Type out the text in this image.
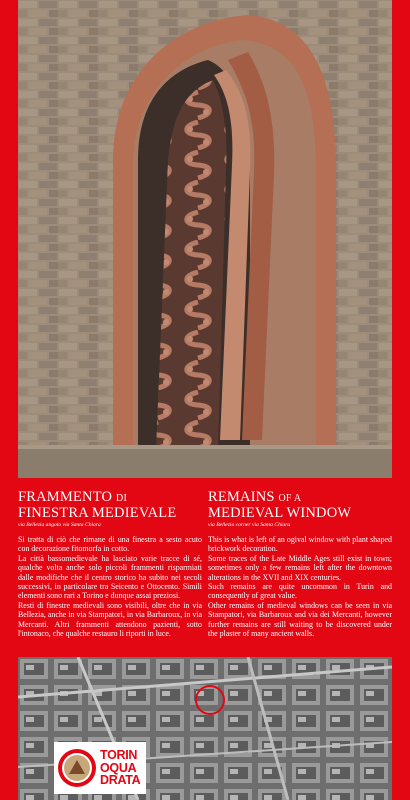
FRAMMENTO DI
FINESTRA MEDIEVALE
via Bellezia angolo via Santa Chiara

Si tratta di ciò che rimane di una finestra a sesto acuto con decorazione fitomorfa in cotto.

La città bassomedievale ha lasciato varie tracce di sé, qualche volta anche solo piccoli frammenti risparmiati dalle modifiche che il centro storico ha subito nei secoli successivi, in particolare tra Seicento e Ottocento. Simili elementi sono rari a Torino e dunque assai preziosi.

Resti di finestre medievali sono visibili, oltre che in via Bellezia, anche in via Stampatori, in via Barbaroux, in via Mercanti. Altri frammenti attendono pazienti, sotto l'intonaco, che qualche restauro li riporti in luce.

REMAINS OF A
MEDIEVAL WINDOW
via Bellezia corner via Santa Chiara

This is what is left of an ogival window with plant shaped brickwork decoration.

Some traces of the Late Middle Ages still exist in town; sometimes only a few remains left after the downtown alterations in the XVII and XIX centuries.

Such remains are quite uncommon in Turin and consequently of great value.

Other remains of medieval windows can be seen in via Stampatori, via Barbaroux and via dei Mercanti, however further remains are still waiting to be discovered under the plaster of many ancient walls.

TORIN
OQUA
DRATA
